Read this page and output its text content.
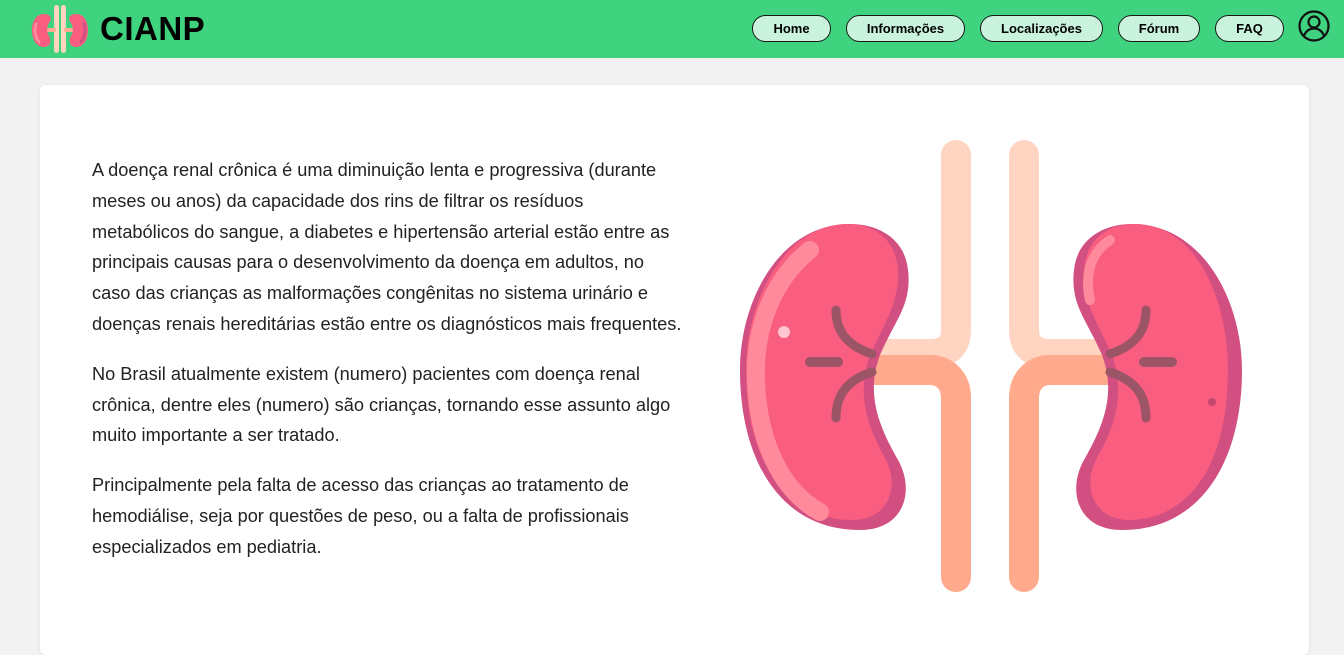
CIANP	Home	Informações	Localizações	Fórum	FAQ

A doença renal crônica é uma diminuição lenta e progressiva (durante meses ou anos) da capacidade dos rins de filtrar os resíduos metabólicos do sangue, a diabetes e hipertensão arterial estão entre as principais causas para o desenvolvimento da doença em adultos, no caso das crianças as malformações congênitas no sistema urinário e doenças renais hereditárias estão entre os diagnósticos mais frequentes.

No Brasil atualmente existem (numero) pacientes com doença renal crônica, dentre eles (numero) são crianças, tornando esse assunto algo muito importante a ser tratado.

Principalmente pela falta de acesso das crianças ao tratamento de hemodiálise, seja por questões de peso, ou a falta de profissionais especializados em pediatria.
